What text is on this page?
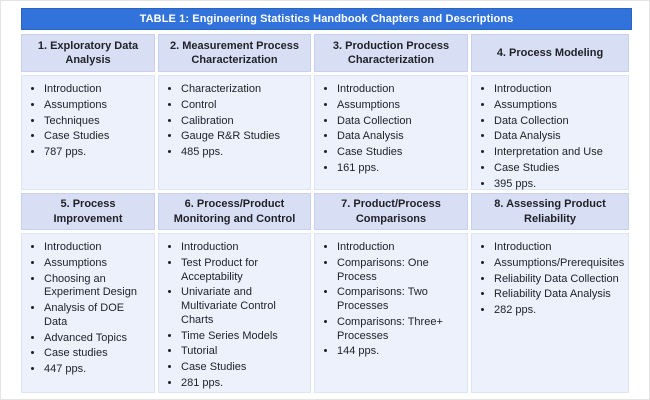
TABLE 1: Engineering Statistics Handbook Chapters and Descriptions
1. Exploratory Data Analysis
2. Measurement Process Characterization
3. Production Process Characterization
4. Process Modeling
• Introduction
• Assumptions
• Techniques
• Case Studies
• 787 pps.
• Characterization
• Control
• Calibration
• Gauge R&R Studies
• 485 pps.
• Introduction
• Assumptions
• Data Collection
• Data Analysis
• Case Studies
• 161 pps.
• Introduction
• Assumptions
• Data Collection
• Data Analysis
• Interpretation and Use
• Case Studies
• 395 pps.
5. Process Improvement
6. Process/Product Monitoring and Control
7. Product/Process Comparisons
8. Assessing Product Reliability
• Introduction
• Assumptions
• Choosing an Experiment Design
• Analysis of DOE Data
• Advanced Topics
• Case studies
• 447 pps.
• Introduction
• Test Product for Acceptability
• Univariate and Multivariate Control Charts
• Time Series Models
• Tutorial
• Case Studies
• 281 pps.
• Introduction
• Comparisons: One Process
• Comparisons: Two Processes
• Comparisons: Three+ Processes
• 144 pps.
• Introduction
• Assumptions/Prerequisites
• Reliability Data Collection
• Reliability Data Analysis
• 282 pps.
